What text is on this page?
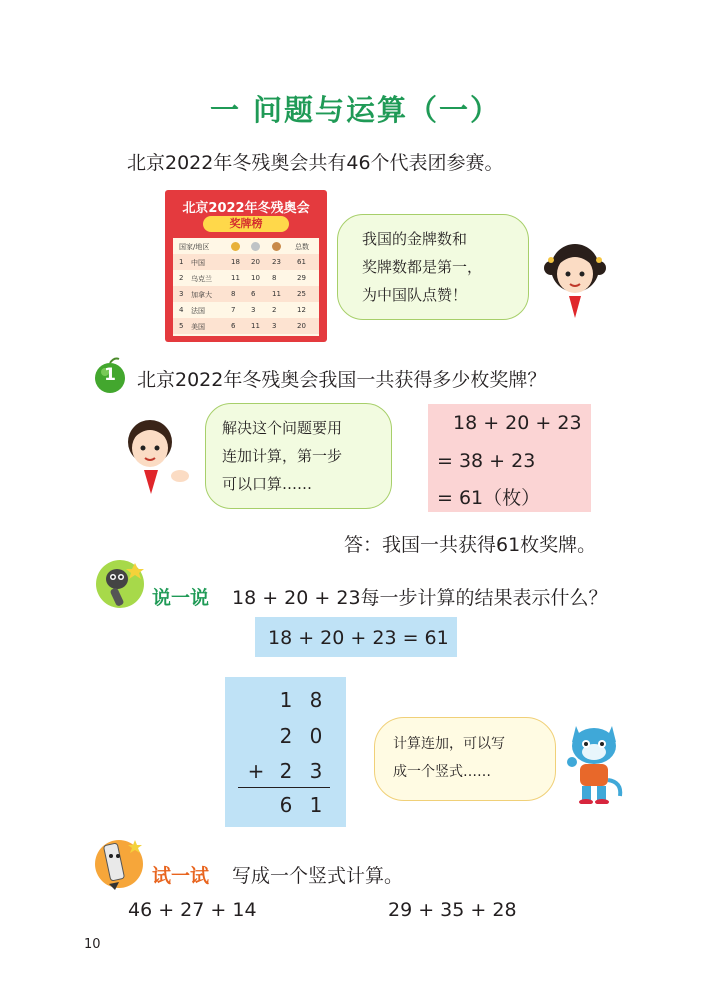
一 问题与运算（一）
北京2022年冬残奥会共有46个代表团参赛。
北京2022年冬残奥会
奖牌榜
国家/地区	总数
1 中国	18 20 23 61
2 乌克兰	11 10 8	29
3 加拿大	8 6 11 25
4 法国	7 3 2	12
5 美国	6 11 3	20
我国的金牌数和
奖牌数都是第一，
为中国队点赞！
1	北京2022年冬残奥会我国一共获得多少枚奖牌？
解决这个问题要用
连加计算，第一步
可以口算……
18 + 20 + 23
= 38 + 23
= 61（枚）
答：我国一共获得61枚奖牌。
说一说 18 + 20 + 23每一步计算的结果表示什么？
18 + 20 + 23 = 61
+
1 8
2 0
2 3
6 1
计算连加，可以写
成一个竖式……
试一试 写成一个竖式计算。
46 + 27 + 14	29 + 35 + 28
10
